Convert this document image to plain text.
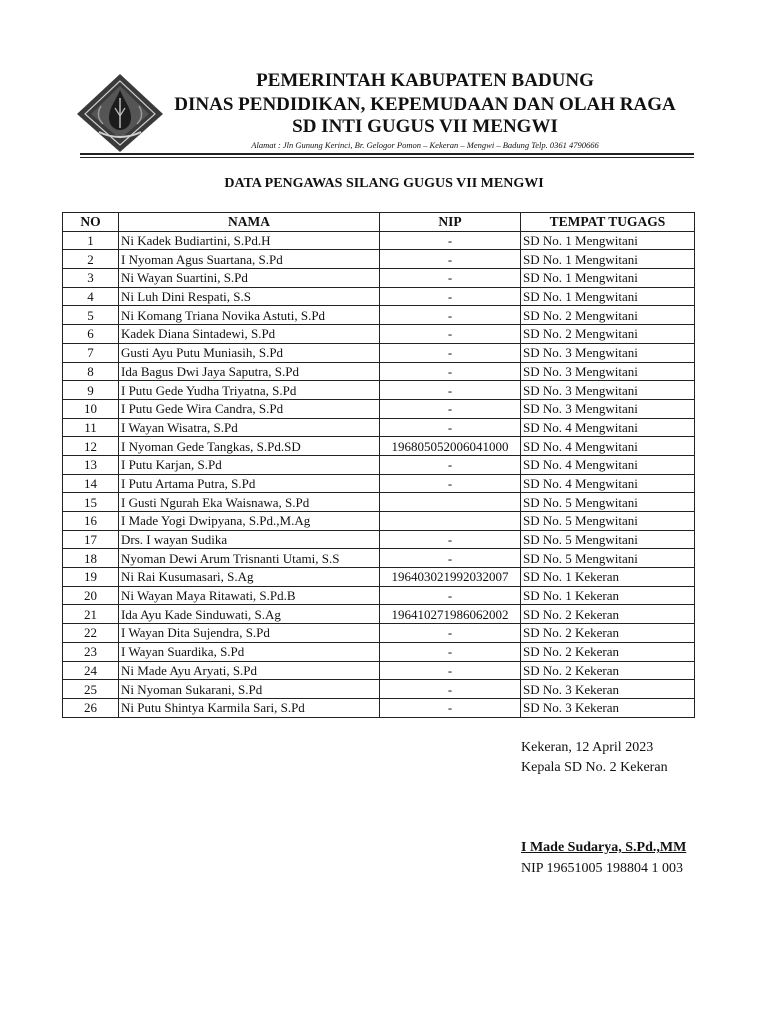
PEMERINTAH KABUPATEN BADUNG
DINAS PENDIDIKAN, KEPEMUDAAN DAN OLAH RAGA
SD INTI GUGUS VII MENGWI
Alamat : Jln Gunung Kerinci, Br. Gelogor Pomon – Kekeran – Mengwi – Badung Telp. 0361 4790666
DATA PENGAWAS SILANG GUGUS VII MENGWI
NO	NAMA	NIP	TEMPAT TUGAGS
1	Ni Kadek Budiartini, S.Pd.H	-	SD No. 1 Mengwitani
2	I Nyoman Agus Suartana, S.Pd	-	SD No. 1 Mengwitani
3	Ni Wayan Suartini, S.Pd	-	SD No. 1 Mengwitani
4	Ni Luh Dini Respati, S.S	-	SD No. 1 Mengwitani
5	Ni Komang Triana Novika Astuti, S.Pd	-	SD No. 2 Mengwitani
6	Kadek Diana Sintadewi, S.Pd	-	SD No. 2 Mengwitani
7	Gusti Ayu Putu Muniasih, S.Pd	-	SD No. 3 Mengwitani
8	Ida Bagus Dwi Jaya Saputra, S.Pd	-	SD No. 3 Mengwitani
9	I Putu Gede Yudha Triyatna, S.Pd	-	SD No. 3 Mengwitani
10	I Putu Gede Wira Candra, S.Pd	-	SD No. 3 Mengwitani
11	I Wayan Wisatra, S.Pd	-	SD No. 4 Mengwitani
12	I Nyoman Gede Tangkas, S.Pd.SD	196805052006041000	SD No. 4 Mengwitani
13	I Putu Karjan, S.Pd	-	SD No. 4 Mengwitani
14	I Putu Artama Putra, S.Pd	-	SD No. 4 Mengwitani
15	I Gusti Ngurah Eka Waisnawa, S.Pd		SD No. 5 Mengwitani
16	I Made Yogi Dwipyana, S.Pd.,M.Ag		SD No. 5 Mengwitani
17	Drs. I wayan Sudika	-	SD No. 5 Mengwitani
18	Nyoman Dewi Arum Trisnanti Utami, S.S	-	SD No. 5 Mengwitani
19	Ni Rai Kusumasari, S.Ag	196403021992032007	SD No. 1 Kekeran
20	Ni Wayan Maya Ritawati, S.Pd.B	-	SD No. 1 Kekeran
21	Ida Ayu Kade Sinduwati, S.Ag	196410271986062002	SD No. 2 Kekeran
22	I Wayan Dita Sujendra, S.Pd	-	SD No. 2 Kekeran
23	I Wayan Suardika, S.Pd	-	SD No. 2 Kekeran
24	Ni Made Ayu Aryati, S.Pd	-	SD No. 2 Kekeran
25	Ni Nyoman Sukarani, S.Pd	-	SD No. 3 Kekeran
26	Ni Putu Shintya Karmila Sari, S.Pd	-	SD No. 3 Kekeran
Kekeran, 12 April 2023
Kepala SD No. 2 Kekeran
I Made Sudarya, S.Pd.,MM
NIP 19651005 198804 1 003
